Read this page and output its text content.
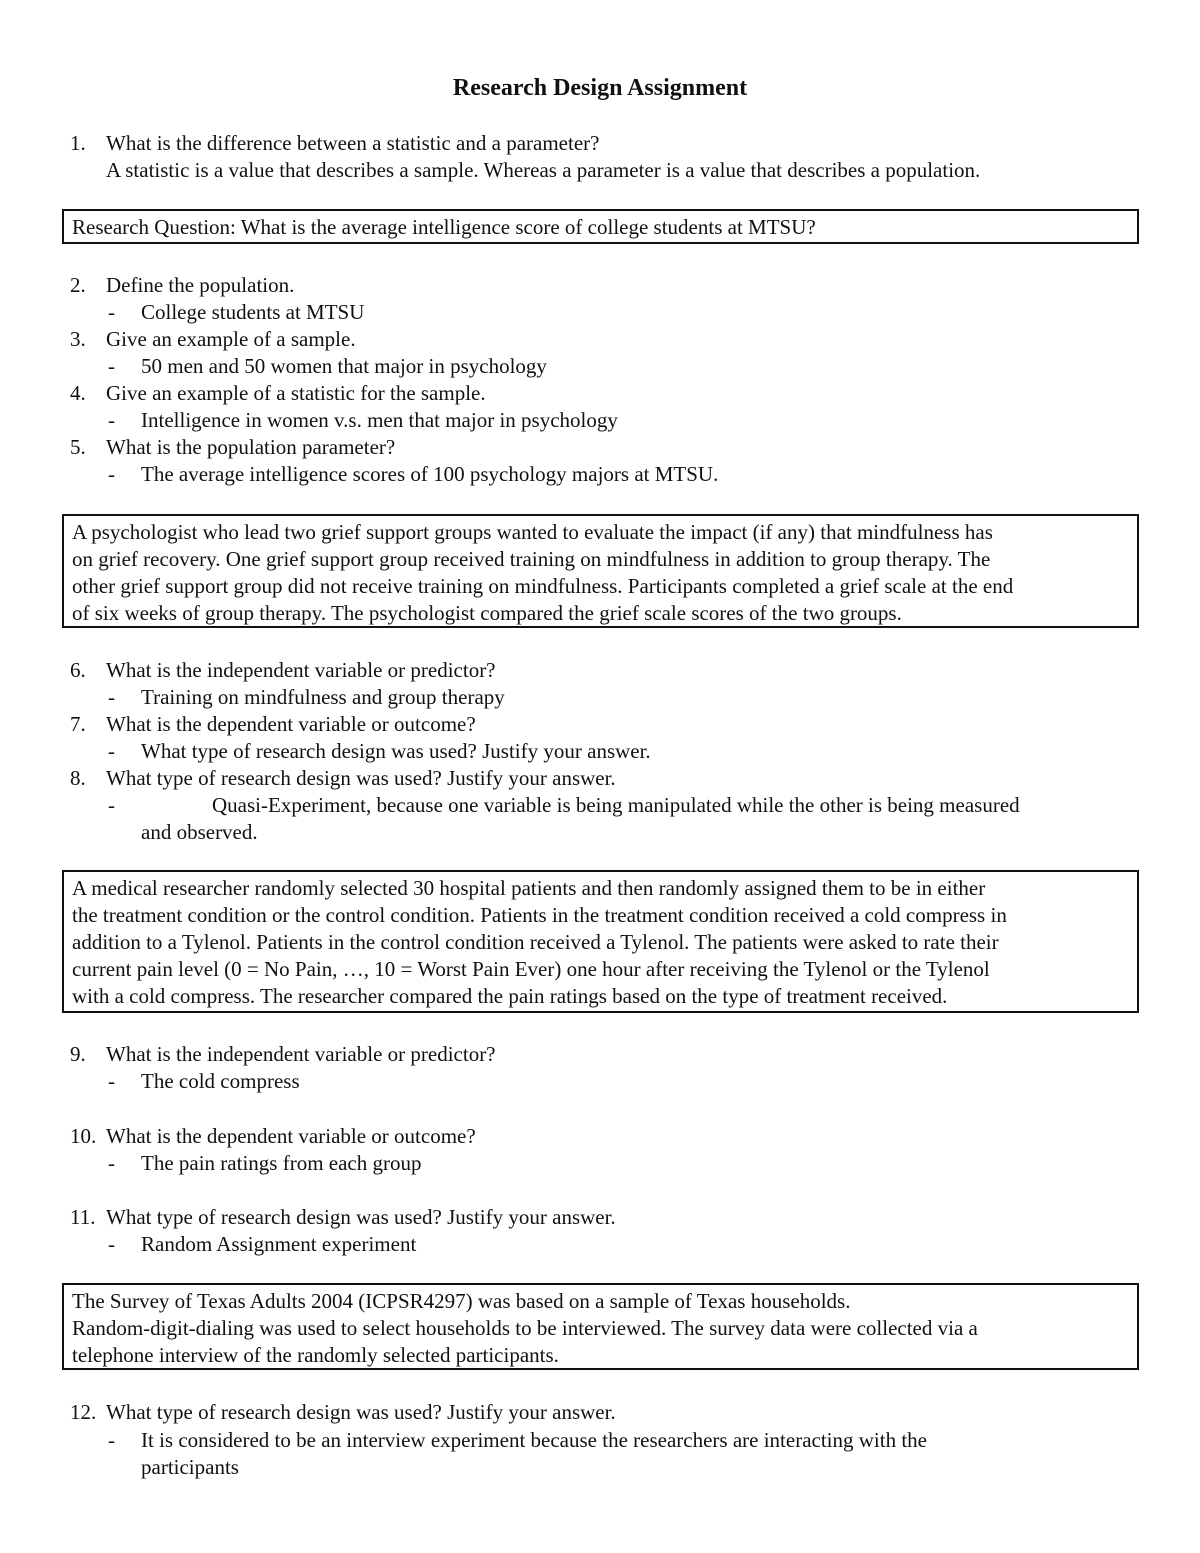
Research Design Assignment
1. What is the difference between a statistic and a parameter?
A statistic is a value that describes a sample. Whereas a parameter is a value that describes a population.
Research Question: What is the average intelligence score of college students at MTSU?
2. Define the population.
- College students at MTSU
3. Give an example of a sample.
- 50 men and 50 women that major in psychology
4. Give an example of a statistic for the sample.
- Intelligence in women v.s. men that major in psychology
5. What is the population parameter?
- The average intelligence scores of 100 psychology majors at MTSU.
A psychologist who lead two grief support groups wanted to evaluate the impact (if any) that mindfulness has
on grief recovery. One grief support group received training on mindfulness in addition to group therapy. The
other grief support group did not receive training on mindfulness. Participants completed a grief scale at the end
of six weeks of group therapy. The psychologist compared the grief scale scores of the two groups.
6. What is the independent variable or predictor?
- Training on mindfulness and group therapy
7. What is the dependent variable or outcome?
- What type of research design was used? Justify your answer.
8. What type of research design was used? Justify your answer.
-	Quasi-Experiment, because one variable is being manipulated while the other is being measured
and observed.
A medical researcher randomly selected 30 hospital patients and then randomly assigned them to be in either
the treatment condition or the control condition. Patients in the treatment condition received a cold compress in
addition to a Tylenol. Patients in the control condition received a Tylenol. The patients were asked to rate their
current pain level (0 = No Pain, …, 10 = Worst Pain Ever) one hour after receiving the Tylenol or the Tylenol
with a cold compress. The researcher compared the pain ratings based on the type of treatment received.
9. What is the independent variable or predictor?
- The cold compress
10. What is the dependent variable or outcome?
- The pain ratings from each group
11. What type of research design was used? Justify your answer.
- Random Assignment experiment
The Survey of Texas Adults 2004 (ICPSR4297) was based on a sample of Texas households.
Random-digit-dialing was used to select households to be interviewed. The survey data were collected via a
telephone interview of the randomly selected participants.
12. What type of research design was used? Justify your answer.
- It is considered to be an interview experiment because the researchers are interacting with the
participants
